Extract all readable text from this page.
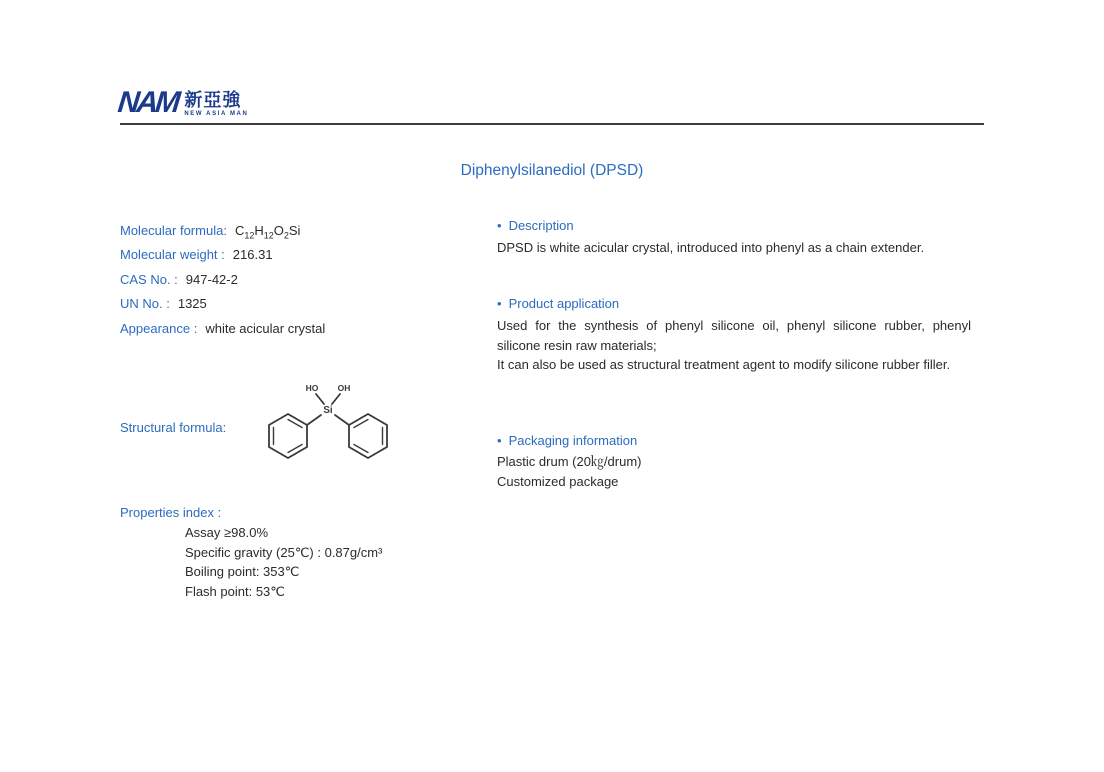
NAM 新亞強
NEW ASIA MAN
Diphenylsilanediol (DPSD)
Molecular formula: $C_{12}H_{12}O_2Si$
Molecular weight : 216.31
CAS No. : 947-42-2
UN No. : 1325
Appearance : white acicular crystal
Structural formula:
HO OH
Si
Properties index :
Assay ≥98.0%
Specific gravity (25℃) : 0.87g/cm³
Boiling point: 353℃
Flash point: 53℃
• Description

DPSD is white acicular crystal, introduced into phenyl as a chain extender.

• Product application

Used for the synthesis of phenyl silicone oil, phenyl silicone rubber, phenyl silicone resin raw materials;

It can also be used as structural treatment agent to modify silicone rubber filler.

• Packaging information
Plastic drum (20㎏/drum)
Customized package
